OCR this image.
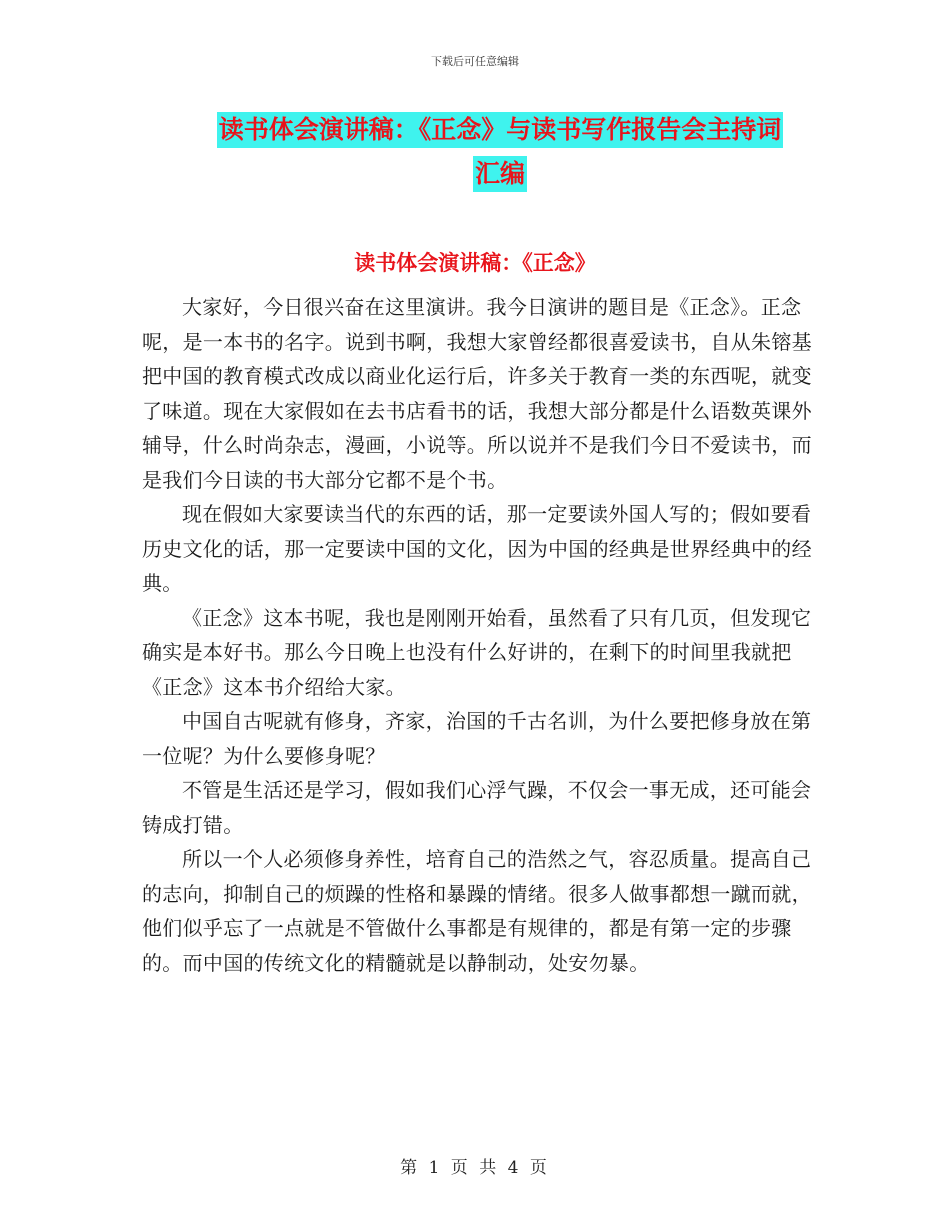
下载后可任意编辑
读书体会演讲稿：《正念》与读书写作报告会主持词
汇编
读书体会演讲稿：《正念》

大家好，今日很兴奋在这里演讲。我今日演讲的题目是《正念》。正念呢，是一本书的名字。说到书啊，我想大家曾经都很喜爱读书，自从朱镕基把中国的教育模式改成以商业化运行后，许多关于教育一类的东西呢，就变了味道。现在大家假如在去书店看书的话，我想大部分都是什么语数英课外辅导，什么时尚杂志，漫画，小说等。所以说并不是我们今日不爱读书，而是我们今日读的书大部分它都不是个书。

现在假如大家要读当代的东西的话，那一定要读外国人写的；假如要看历史文化的话，那一定要读中国的文化，因为中国的经典是世界经典中的经典。

《正念》这本书呢，我也是刚刚开始看，虽然看了只有几页，但发现它确实是本好书。那么今日晚上也没有什么好讲的，在剩下的时间里我就把《正念》这本书介绍给大家。

中国自古呢就有修身，齐家，治国的千古名训，为什么要把修身放在第一位呢？为什么要修身呢？

不管是生活还是学习，假如我们心浮气躁，不仅会一事无成，还可能会铸成打错。

所以一个人必须修身养性，培育自己的浩然之气，容忍质量。提高自己的志向，抑制自己的烦躁的性格和暴躁的情绪。很多人做事都想一蹴而就，他们似乎忘了一点就是不管做什么事都是有规律的，都是有第一定的步骤的。而中国的传统文化的精髓就是以静制动，处安勿暴。

第 1 页 共 4 页
